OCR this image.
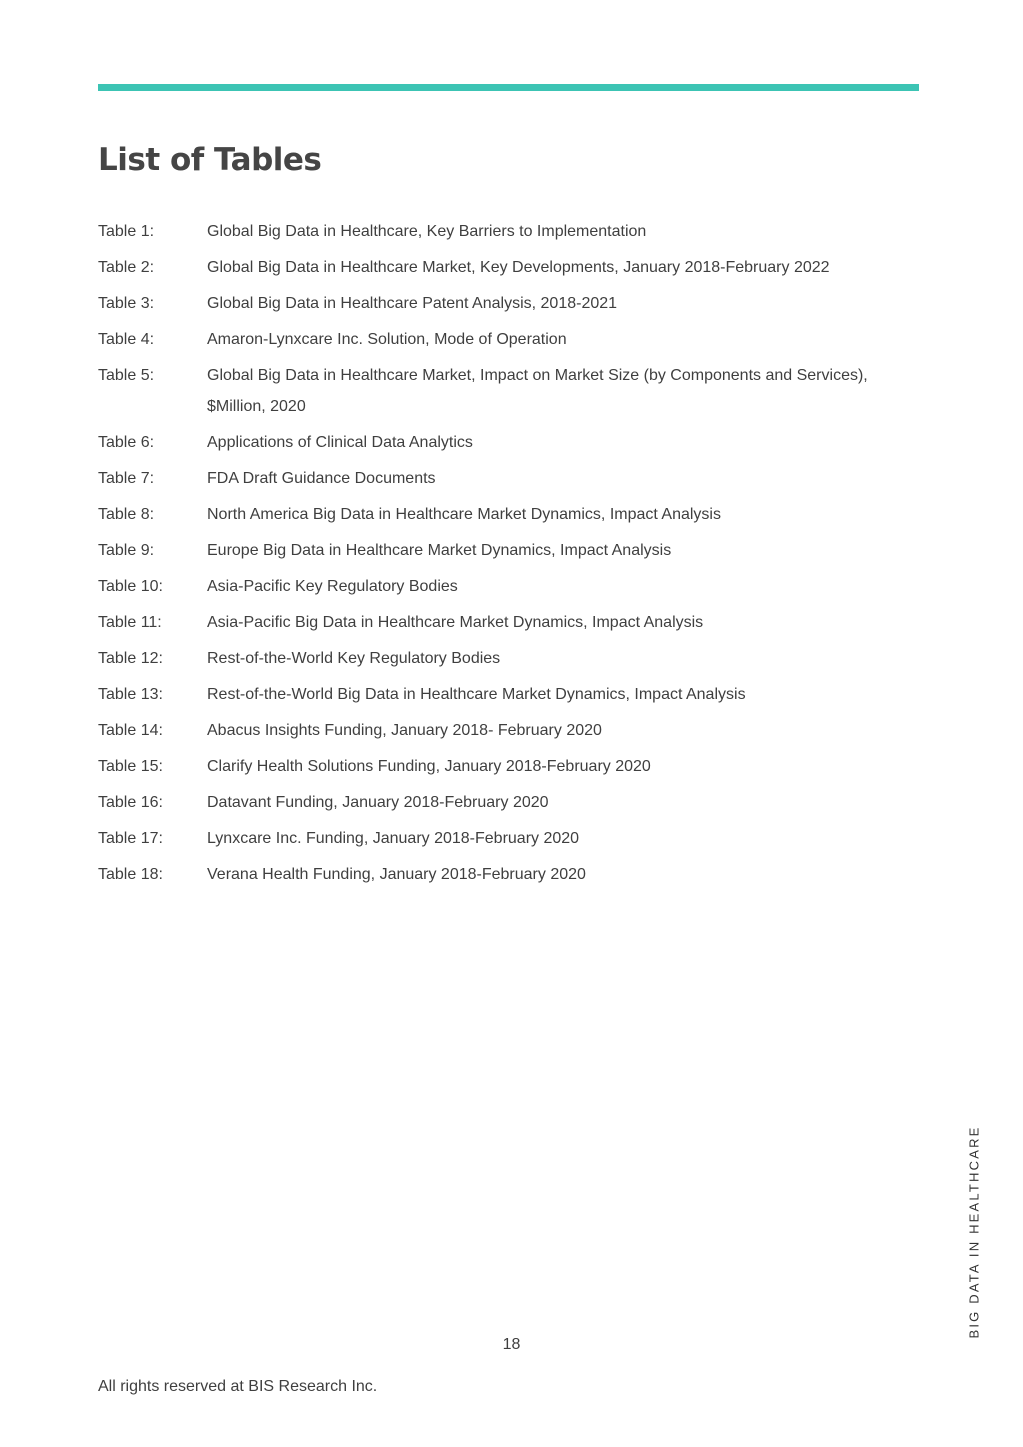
List of Tables
Table 1:	Global Big Data in Healthcare, Key Barriers to Implementation
Table 2:	Global Big Data in Healthcare Market, Key Developments, January 2018-February 2022
Table 3:	Global Big Data in Healthcare Patent Analysis, 2018-2021
Table 4:	Amaron-Lynxcare Inc. Solution, Mode of Operation
Table 5:	Global Big Data in Healthcare Market, Impact on Market Size (by Components and Services), $Million, 2020
Table 6:	Applications of Clinical Data Analytics
Table 7:	FDA Draft Guidance Documents
Table 8:	North America Big Data in Healthcare Market Dynamics, Impact Analysis
Table 9:	Europe Big Data in Healthcare Market Dynamics, Impact Analysis
Table 10:	Asia-Pacific Key Regulatory Bodies
Table 11:	Asia-Pacific Big Data in Healthcare Market Dynamics, Impact Analysis
Table 12:	Rest-of-the-World Key Regulatory Bodies
Table 13:	Rest-of-the-World Big Data in Healthcare Market Dynamics, Impact Analysis
Table 14:	Abacus Insights Funding, January 2018- February 2020
Table 15:	Clarify Health Solutions Funding, January 2018-February 2020
Table 16:	Datavant Funding, January 2018-February 2020
Table 17:	Lynxcare Inc. Funding, January 2018-February 2020
Table 18:	Verana Health Funding, January 2018-February 2020
BIG DATA IN HEALTHCARE
18
All rights reserved at BIS Research Inc.
